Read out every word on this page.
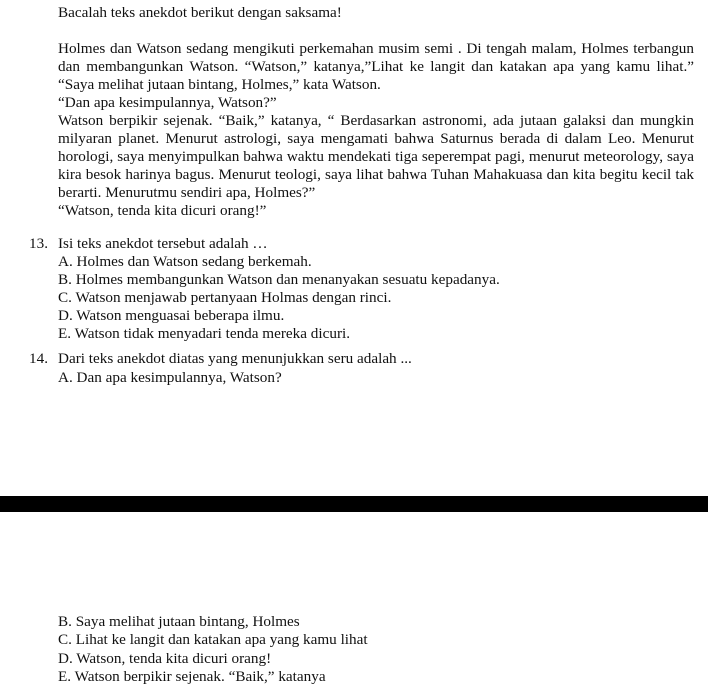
Bacalah teks anekdot berikut dengan saksama!

Holmes dan Watson sedang mengikuti perkemahan musim semi . Di tengah malam, Holmes terbangun dan membangunkan Watson. “Watson,” katanya,”Lihat ke langit dan katakan apa yang kamu lihat.” “Saya melihat jutaan bintang, Holmes,” kata Watson.

“Dan apa kesimpulannya, Watson?”

Watson berpikir sejenak. “Baik,” katanya, “ Berdasarkan astronomi, ada jutaan galaksi dan mungkin milyaran planet. Menurut astrologi, saya mengamati bahwa Saturnus berada di dalam Leo. Menurut horologi, saya menyimpulkan bahwa waktu mendekati tiga seperempat pagi, menurut meteorology, saya kira besok harinya bagus. Menurut teologi, saya lihat bahwa Tuhan Mahakuasa dan kita begitu kecil tak berarti. Menurutmu sendiri apa, Holmes?”

“Watson, tenda kita dicuri orang!”

13. Isi teks anekdot tersebut adalah …
A. Holmes dan Watson sedang berkemah.
B. Holmes membangunkan Watson dan menanyakan sesuatu kepadanya.
C. Watson menjawab pertanyaan Holmas dengan rinci.
D. Watson menguasai beberapa ilmu.
E. Watson tidak menyadari tenda mereka dicuri.
14. Dari teks anekdot diatas yang menunjukkan seru adalah ...
A. Dan apa kesimpulannya, Watson?
B. Saya melihat jutaan bintang, Holmes
C. Lihat ke langit dan katakan apa yang kamu lihat
D. Watson, tenda kita dicuri orang!
E. Watson berpikir sejenak. “Baik,” katanya
